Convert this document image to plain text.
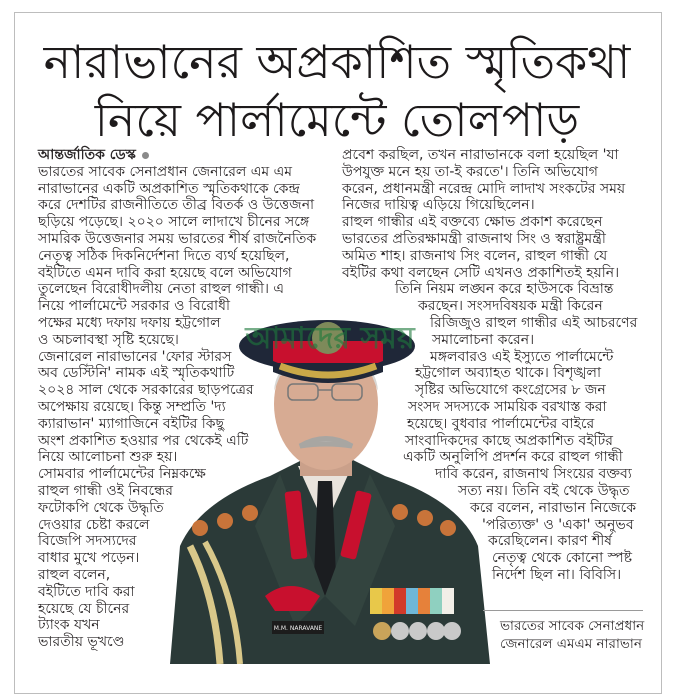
নারাভানের অপ্রকাশিত স্মৃতিকথা
নিয়ে পার্লামেন্টে তোলপাড়
আন্তর্জাতিক ডেস্ক
ভারতের সাবেক সেনাপ্রধান জেনারেল এম এম
নারাভানের একটি অপ্রকাশিত স্মৃতিকথাকে কেন্দ্র
করে দেশটির রাজনীতিতে তীব্র বিতর্ক ও উত্তেজনা
ছড়িয়ে পড়েছে। ২০২০ সালে লাদাখে চীনের সঙ্গে
সামরিক উত্তেজনার সময় ভারতের শীর্ষ রাজনৈতিক
নেতৃত্ব সঠিক দিকনির্দেশনা দিতে ব্যর্থ হয়েছিল,
বইটিতে এমন দাবি করা হয়েছে বলে অভিযোগ
তুলেছেন বিরোধীদলীয় নেতা রাহুল গান্ধী। এ
নিয়ে পার্লামেন্টে সরকার ও বিরোধী
পক্ষের মধ্যে দফায় দফায় হট্টগোল
ও অচলাবস্থা সৃষ্টি হয়েছে।
জেনারেল নারাভানের 'ফোর স্টারস
অব ডেস্টিনি' নামক এই স্মৃতিকথাটি
২০২৪ সাল থেকে সরকারের ছাড়পত্রের
অপেক্ষায় রয়েছে। কিন্তু সম্প্রতি 'দ্য
ক্যারাভান' ম্যাগাজিনে বইটির কিছু
অংশ প্রকাশিত হওয়ার পর থেকেই এটি
নিয়ে আলোচনা শুরু হয়।
সোমবার পার্লামেন্টের নিম্নকক্ষে
রাহুল গান্ধী ওই নিবন্ধের
ফটোকপি থেকে উদ্ধৃতি
দেওয়ার চেষ্টা করলে
বিজেপি সদস্যদের
বাধার মুখে পড়েন।
রাহুল বলেন,
বইটিতে দাবি করা
হয়েছে যে চীনের
ট্যাংক যখন
ভারতীয় ভূখণ্ডে
প্রবেশ করছিল, তখন নারাভানকে বলা হয়েছিল 'যা
উপযুক্ত মনে হয় তা-ই করতে'। তিনি অভিযোগ
করেন, প্রধানমন্ত্রী নরেন্দ্র মোদি লাদাখ সংকটের সময়
নিজের দায়িত্ব এড়িয়ে গিয়েছিলেন।
রাহুল গান্ধীর এই বক্তব্যে ক্ষোভ প্রকাশ করেছেন
ভারতের প্রতিরক্ষামন্ত্রী রাজনাথ সিং ও স্বরাষ্ট্রমন্ত্রী
অমিত শাহ। রাজনাথ সিং বলেন, রাহুল গান্ধী যে
বইটির কথা বলছেন সেটি এখনও প্রকাশিতই হয়নি।
তিনি নিয়ম লঙ্ঘন করে হাউসকে বিভ্রান্ত
করছেন। সংসদবিষয়ক মন্ত্রী কিরেন
রিজিজুও রাহুল গান্ধীর এই আচরণের
সমালোচনা করেন।
মঙ্গলবারও এই ইস্যুতে পার্লামেন্টে
হট্টগোল অব্যাহত থাকে। বিশৃঙ্খলা
সৃষ্টির অভিযোগে কংগ্রেসের ৮ জন
সংসদ সদস্যকে সাময়িক বরখাস্ত করা
হয়েছে। বুধবার পার্লামেন্টের বাইরে
সাংবাদিকদের কাছে অপ্রকাশিত বইটির
একটি অনুলিপি প্রদর্শন করে রাহুল গান্ধী
দাবি করেন, রাজনাথ সিংয়ের বক্তব্য
সত্য নয়। তিনি বই থেকে উদ্ধৃত
করে বলেন, নারাভান নিজেকে
'পরিত্যক্ত' ও 'একা' অনুভব
করেছিলেন। কারণ শীর্ষ
নেতৃত্ব থেকে কোনো স্পষ্ট
নির্দেশ ছিল না। বিবিসি।
M.M. NARAVANE
আমাদের সময়
ভারতের সাবেক সেনাপ্রধান
জেনারেল এমএম নারাভান
